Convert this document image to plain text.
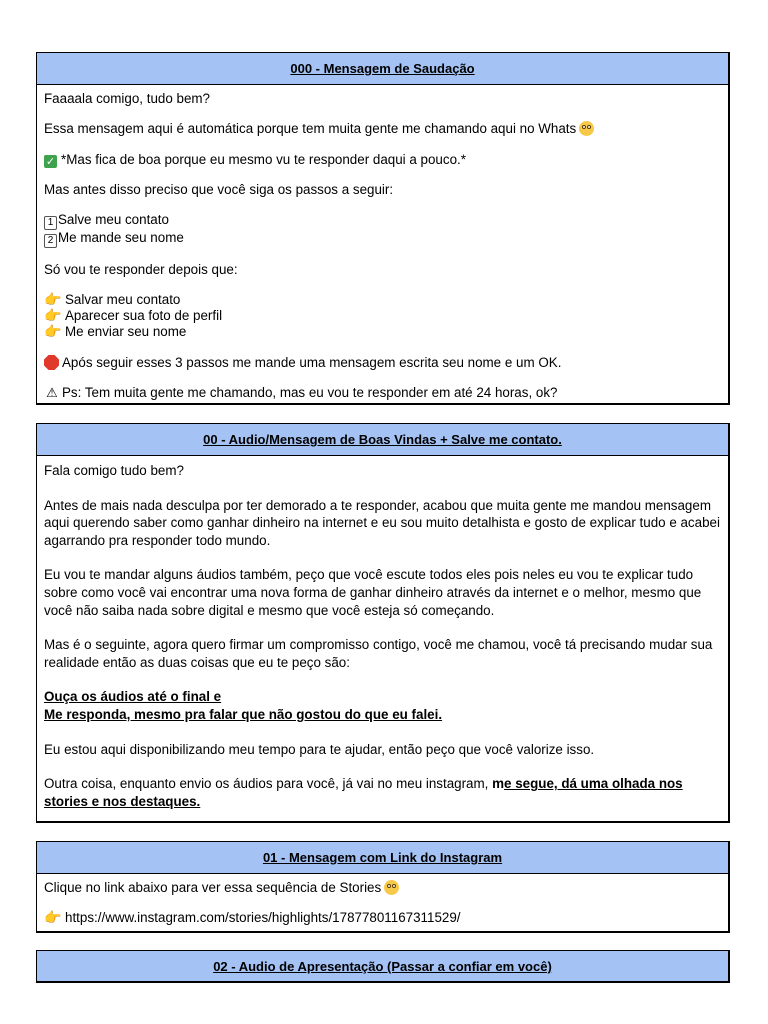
000 - Mensagem de Saudação

Faaaala comigo, tudo bem?

Essa mensagem aqui é automática porque tem muita gente me chamando aqui no Whats

✓ *Mas fica de boa porque eu mesmo vu te responder daqui a pouco.*

Mas antes disso preciso que você siga os passos a seguir:

1 Salve meu contato

2 Me mande seu nome

Só vou te responder depois que:

👉 Salvar meu contato

👉 Aparecer sua foto de perfil

👉 Me enviar seu nome

Após seguir esses 3 passos me mande uma mensagem escrita seu nome e um OK.

⚠ Ps: Tem muita gente me chamando, mas eu vou te responder em até 24 horas, ok?

00 - Audio/Mensagem de Boas Vindas + Salve me contato.

Fala comigo tudo bem?

Antes de mais nada desculpa por ter demorado a te responder, acabou que muita gente me mandou mensagem aqui querendo saber como ganhar dinheiro na internet e eu sou muito detalhista e gosto de explicar tudo e acabei agarrando pra responder todo mundo.

Eu vou te mandar alguns áudios também, peço que você escute todos eles pois neles eu vou te explicar tudo sobre como você vai encontrar uma nova forma de ganhar dinheiro através da internet e o melhor, mesmo que você não saiba nada sobre digital e mesmo que você esteja só começando.

Mas é o seguinte, agora quero firmar um compromisso contigo, você me chamou, você tá precisando mudar sua realidade então as duas coisas que eu te peço são:

Ouça os áudios até o final e

Me responda, mesmo pra falar que não gostou do que eu falei.

Eu estou aqui disponibilizando meu tempo para te ajudar, então peço que você valorize isso.

Outra coisa, enquanto envio os áudios para você, já vai no meu instagram, me segue, dá uma olhada nos stories e nos destaques.

01 - Mensagem com Link do Instagram

Clique no link abaixo para ver essa sequência de Stories

👉 https://www.instagram.com/stories/highlights/17877801167311529/

02 - Audio de Apresentação (Passar a confiar em você)
